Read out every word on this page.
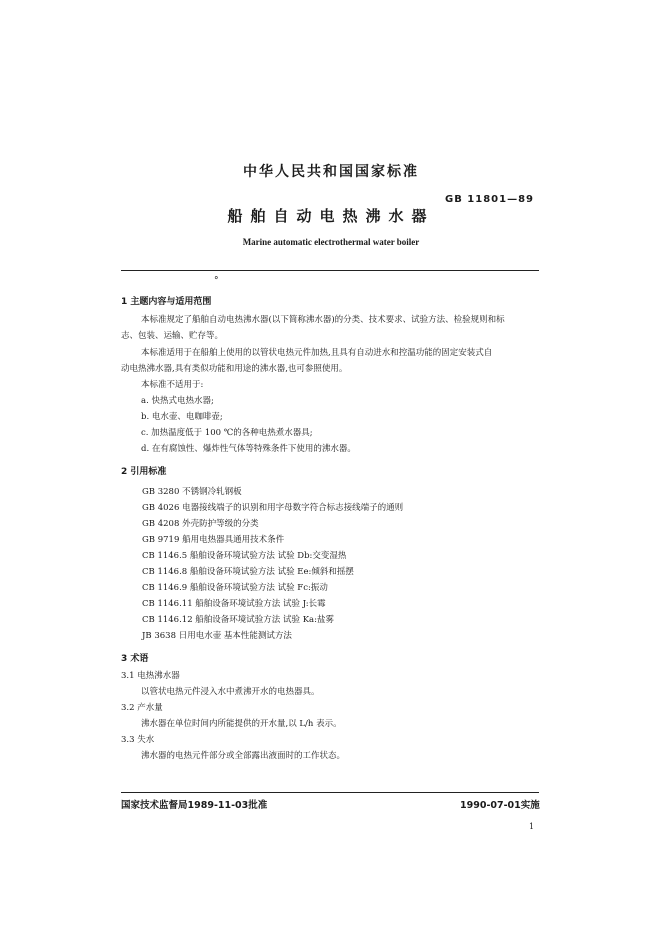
中华人民共和国国家标准
GB 11801—89
船舶自动电热沸水器
Marine automatic electrothermal water boiler
°
1 主题内容与适用范围
本标准规定了船舶自动电热沸水器(以下简称沸水器)的分类、技术要求、试验方法、检验规则和标
志、包装、运输、贮存等。
本标准适用于在船舶上使用的以管状电热元件加热,且具有自动进水和控温功能的固定安装式自
动电热沸水器,具有类似功能和用途的沸水器,也可参照使用。
本标准不适用于:
a. 快热式电热水器;
b. 电水壶、电咖啡壶;
c. 加热温度低于 100 ℃的各种电热煮水器具;
d. 在有腐蚀性、爆炸性气体等特殊条件下使用的沸水器。
2 引用标准
GB 3280 不锈钢冷轧钢板
GB 4026 电器接线端子的识别和用字母数字符合标志接线端子的通则
GB 4208 外壳防护等级的分类
GB 9719 船用电热器具通用技术条件
CB 1146.5 船舶设备环境试验方法 试验 Db:交变湿热
CB 1146.8 船舶设备环境试验方法 试验 Ee:倾斜和摇摆
CB 1146.9 船舶设备环境试验方法 试验 Fc:振动
CB 1146.11 船舶设备环境试验方法 试验 J:长霉
CB 1146.12 船舶设备环境试验方法 试验 Ka:盐雾
JB 3638 日用电水壶 基本性能测试方法
3 术语
3.1 电热沸水器
以管状电热元件浸入水中煮沸开水的电热器具。
3.2 产水量
沸水器在单位时间内所能提供的开水量,以 L/h 表示。
3.3 失水
沸水器的电热元件部分或全部露出液面时的工作状态。
国家技术监督局1989-11-03批准	1990-07-01实施
1
